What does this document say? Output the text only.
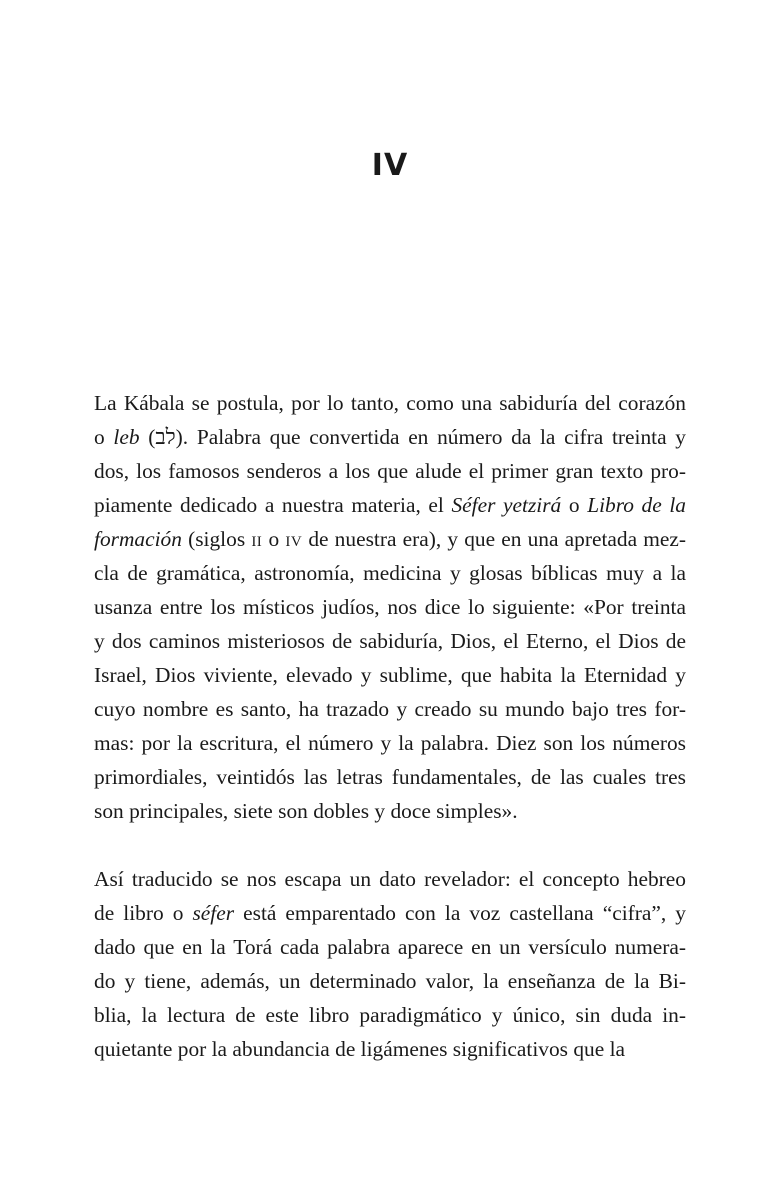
IV
La Kábala se postula, por lo tanto, como una sabiduría del corazón
o leb (לב). Palabra que convertida en número da la cifra treinta y
dos, los famosos senderos a los que alude el primer gran texto pro-
piamente dedicado a nuestra materia, el Séfer yetzirá o Libro de la
formación (siglos II o IV de nuestra era), y que en una apretada mez-
cla de gramática, astronomía, medicina y glosas bíblicas muy a la
usanza entre los místicos judíos, nos dice lo siguiente: «Por treinta
y dos caminos misteriosos de sabiduría, Dios, el Eterno, el Dios de
Israel, Dios viviente, elevado y sublime, que habita la Eternidad y
cuyo nombre es santo, ha trazado y creado su mundo bajo tres for-
mas: por la escritura, el número y la palabra. Diez son los números
primordiales, veintidós las letras fundamentales, de las cuales tres
son principales, siete son dobles y doce simples».
Así traducido se nos escapa un dato revelador: el concepto hebreo
de libro o séfer está emparentado con la voz castellana “cifra”, y
dado que en la Torá cada palabra aparece en un versículo numera-
do y tiene, además, un determinado valor, la enseñanza de la Bi-
blia, la lectura de este libro paradigmático y único, sin duda in-
quietante por la abundancia de ligámenes significativos que la
